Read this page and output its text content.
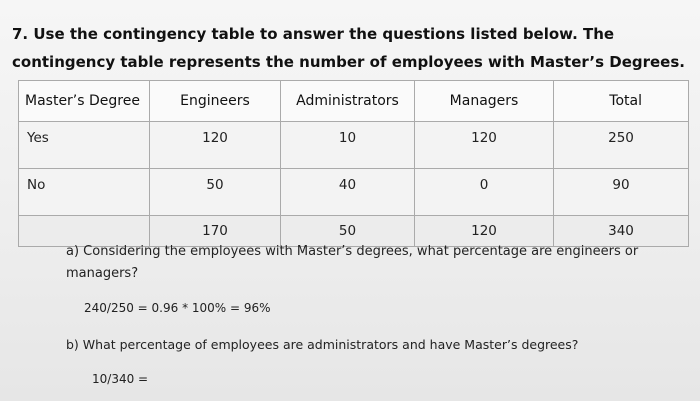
7. Use the contingency table to answer the questions listed below. The contingency table represents the number of employees with Master’s Degrees.
Master’s Degree	Engineers	Administrators	Managers	Total
Yes	120	10	120	250
No	50	40	0	90
	170	50	120	340
a) Considering the employees with Master’s degrees, what percentage are engineers or managers?
240/250 = 0.96 * 100% = 96%
b) What percentage of employees are administrators and have Master’s degrees?
10/340 =
